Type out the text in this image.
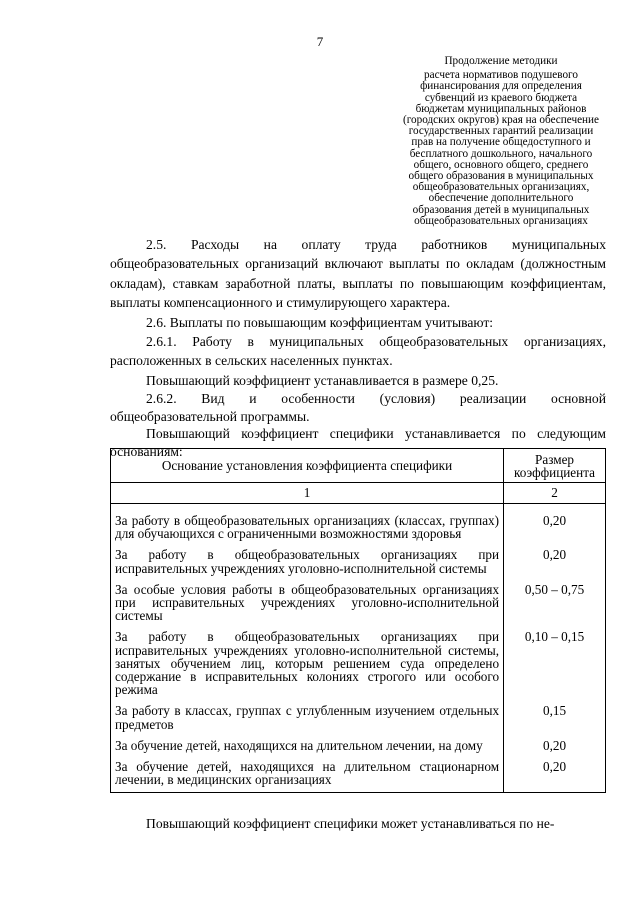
7
Продолжение методики
расчета нормативов подушевого
финансирования для определения
субвенций из краевого бюджета
бюджетам муниципальных районов
(городских округов) края на обеспечение
государственных гарантий реализации
прав на получение общедоступного и
бесплатного дошкольного, начального
общего, основного общего, среднего
общего образования в муниципальных
общеобразовательных организациях,
обеспечение дополнительного
образования детей в муниципальных
общеобразовательных организациях

2.5. Расходы на оплату труда работников муниципальных общеобразовательных организаций включают выплаты по окладам (должностным окладам), ставкам заработной платы, выплаты по повышающим коэффициентам, выплаты компенсационного и стимулирующего характера.

2.6. Выплаты по повышающим коэффициентам учитывают:

2.6.1. Работу в муниципальных общеобразовательных организациях, расположенных в сельских населенных пунктах.

Повышающий коэффициент устанавливается в размере 0,25.

2.6.2. Вид и особенности (условия) реализации основной общеобразовательной программы.

Повышающий коэффициент специфики устанавливается по следующим основаниям:

Основание установления коэффициента специфики	Размер коэффициента
1	2
За работу в общеобразовательных организациях (классах, группах) для обучающихся с ограниченными возможностями здоровья	0,20
За работу в общеобразовательных организациях при исправительных учреждениях уголовно-исполнительной системы	0,20
За особые условия работы в общеобразовательных организациях при исправительных учреждениях уголовно-исполнительной системы	0,50 – 0,75
За работу в общеобразовательных организациях при исправительных учреждениях уголовно-исполнительной системы, занятых обучением лиц, которым решением суда определено содержание в исправительных колониях строгого или особого режима	0,10 – 0,15
За работу в классах, группах с углубленным изучением отдельных предметов	0,15
За обучение детей, находящихся на длительном лечении, на дому	0,20
За обучение детей, находящихся на длительном стационарном лечении, в медицинских организациях	0,20
Повышающий коэффициент специфики может устанавливаться по не-
